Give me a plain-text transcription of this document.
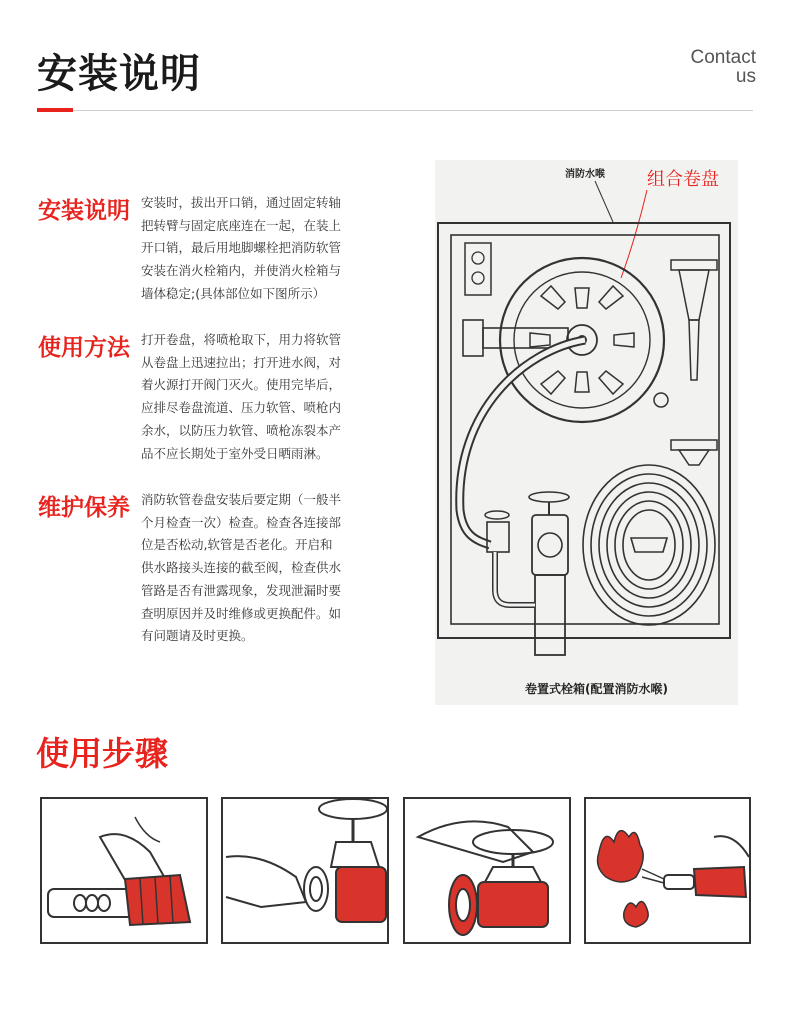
安装说明	Contact
us
安装说明 安装时，拔出开口销，通过固定转轴
把转臂与固定底座连在一起，在装上
开口销，最后用地脚螺栓把消防软管
安装在消火栓箱内，并使消火栓箱与
墙体稳定;(具体部位如下图所示）
使用方法 打开卷盘，将喷枪取下，用力将软管
从卷盘上迅速拉出；打开进水阀，对
着火源打开阀门灭火。使用完毕后，
应排尽卷盘流道、压力软管、喷枪内
余水，以防压力软管、喷枪冻裂本产
品不应长期处于室外受日晒雨淋。
维护保养 消防软管卷盘安装后要定期（一般半
个月检查一次）检查。检查各连接部
位是否松动,软管是否老化。开启和
供水路接头连接的截至阀，检查供水
管路是否有泄露现象，发现泄漏时要
查明原因并及时维修或更换配件。如
有问题请及时更换。
消防水喉 组合卷盘
卷置式栓箱(配置消防水喉)
使用步骤
